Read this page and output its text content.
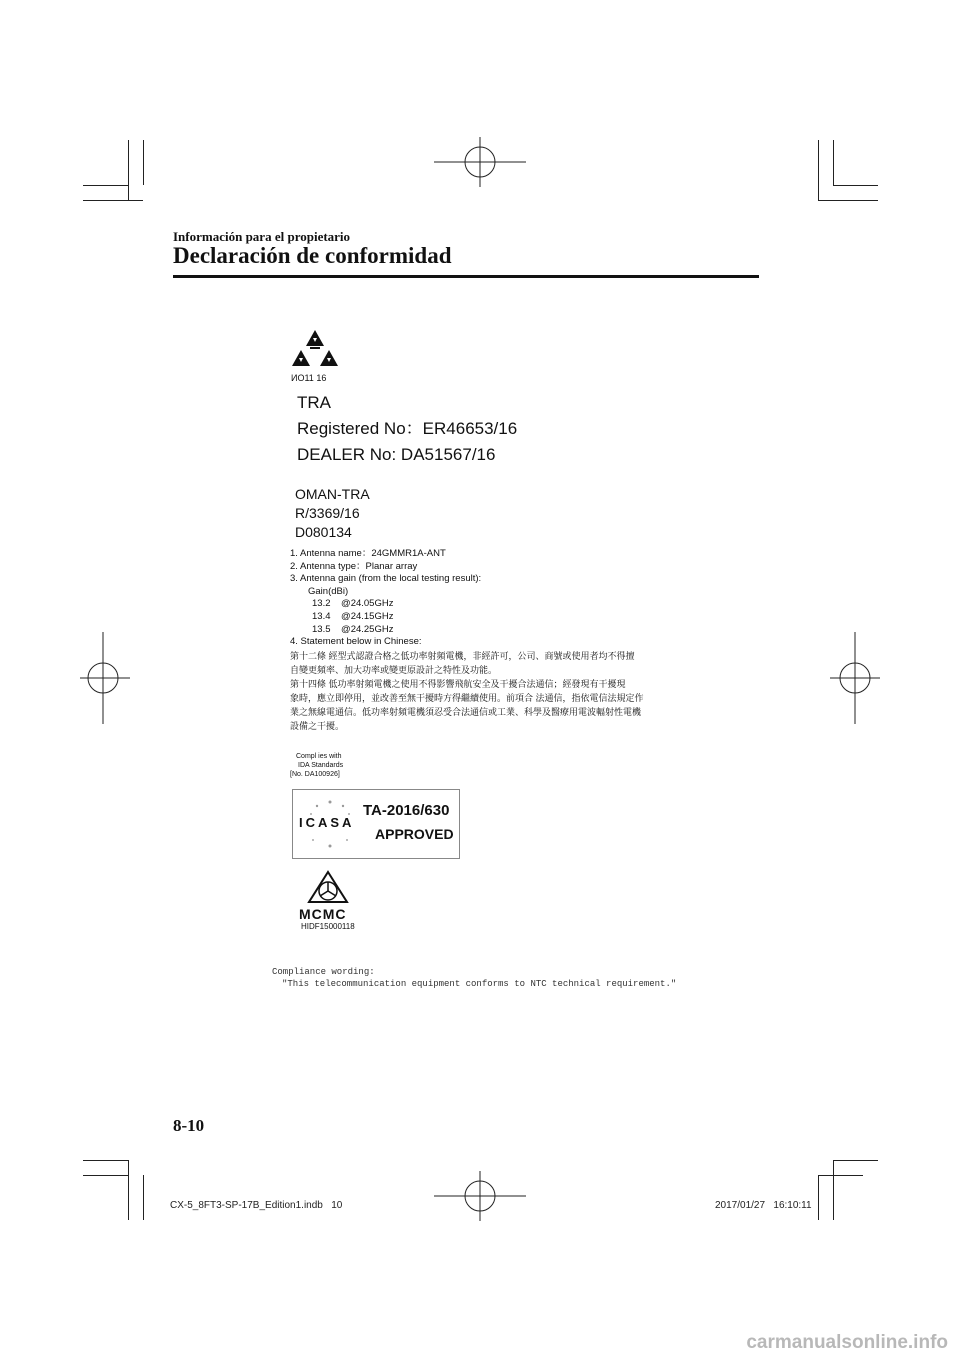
Información para el propietario
Declaración de conformidad
ИО11 16
TRA
Registered No：ER46653/16
DEALER No: DA51567/16
OMAN-TRA
R/3369/16
D080134
1. Antenna name：24GMMR1A-ANT
2. Antenna type：Planar array
3. Antenna gain (from the local testing result):
Gain(dBi)
13.2    @24.05GHz
13.4    @24.15GHz
13.5    @24.25GHz
4. Statement below in Chinese:
第十二條 經型式認證合格之低功率射頻電機，非經許可，公司、商號或使用者均不得擅
自變更頻率、加大功率或變更原設計之特性及功能。
第十四條 低功率射頻電機之使用不得影響飛航安全及干擾合法通信；經發現有干擾現
象時，應立即停用，並改善至無干擾時方得繼續使用。前項合 法通信，指依電信法規定作
業之無線電通信。低功率射頻電機須忍受合法通信或工業、科學及醫療用電波輻射性電機
設備之干擾。
Compl ies with
IDA Standards
[No. DA100926]
ICASA
TA-2016/630
APPROVED
MCMC
HIDF15000118
Compliance wording:
"This telecommunication equipment conforms to NTC technical requirement."
8-10
CX-5_8FT3-SP-17B_Edition1.indb   10	2017/01/27   16:10:11
carmanualsonline.info
